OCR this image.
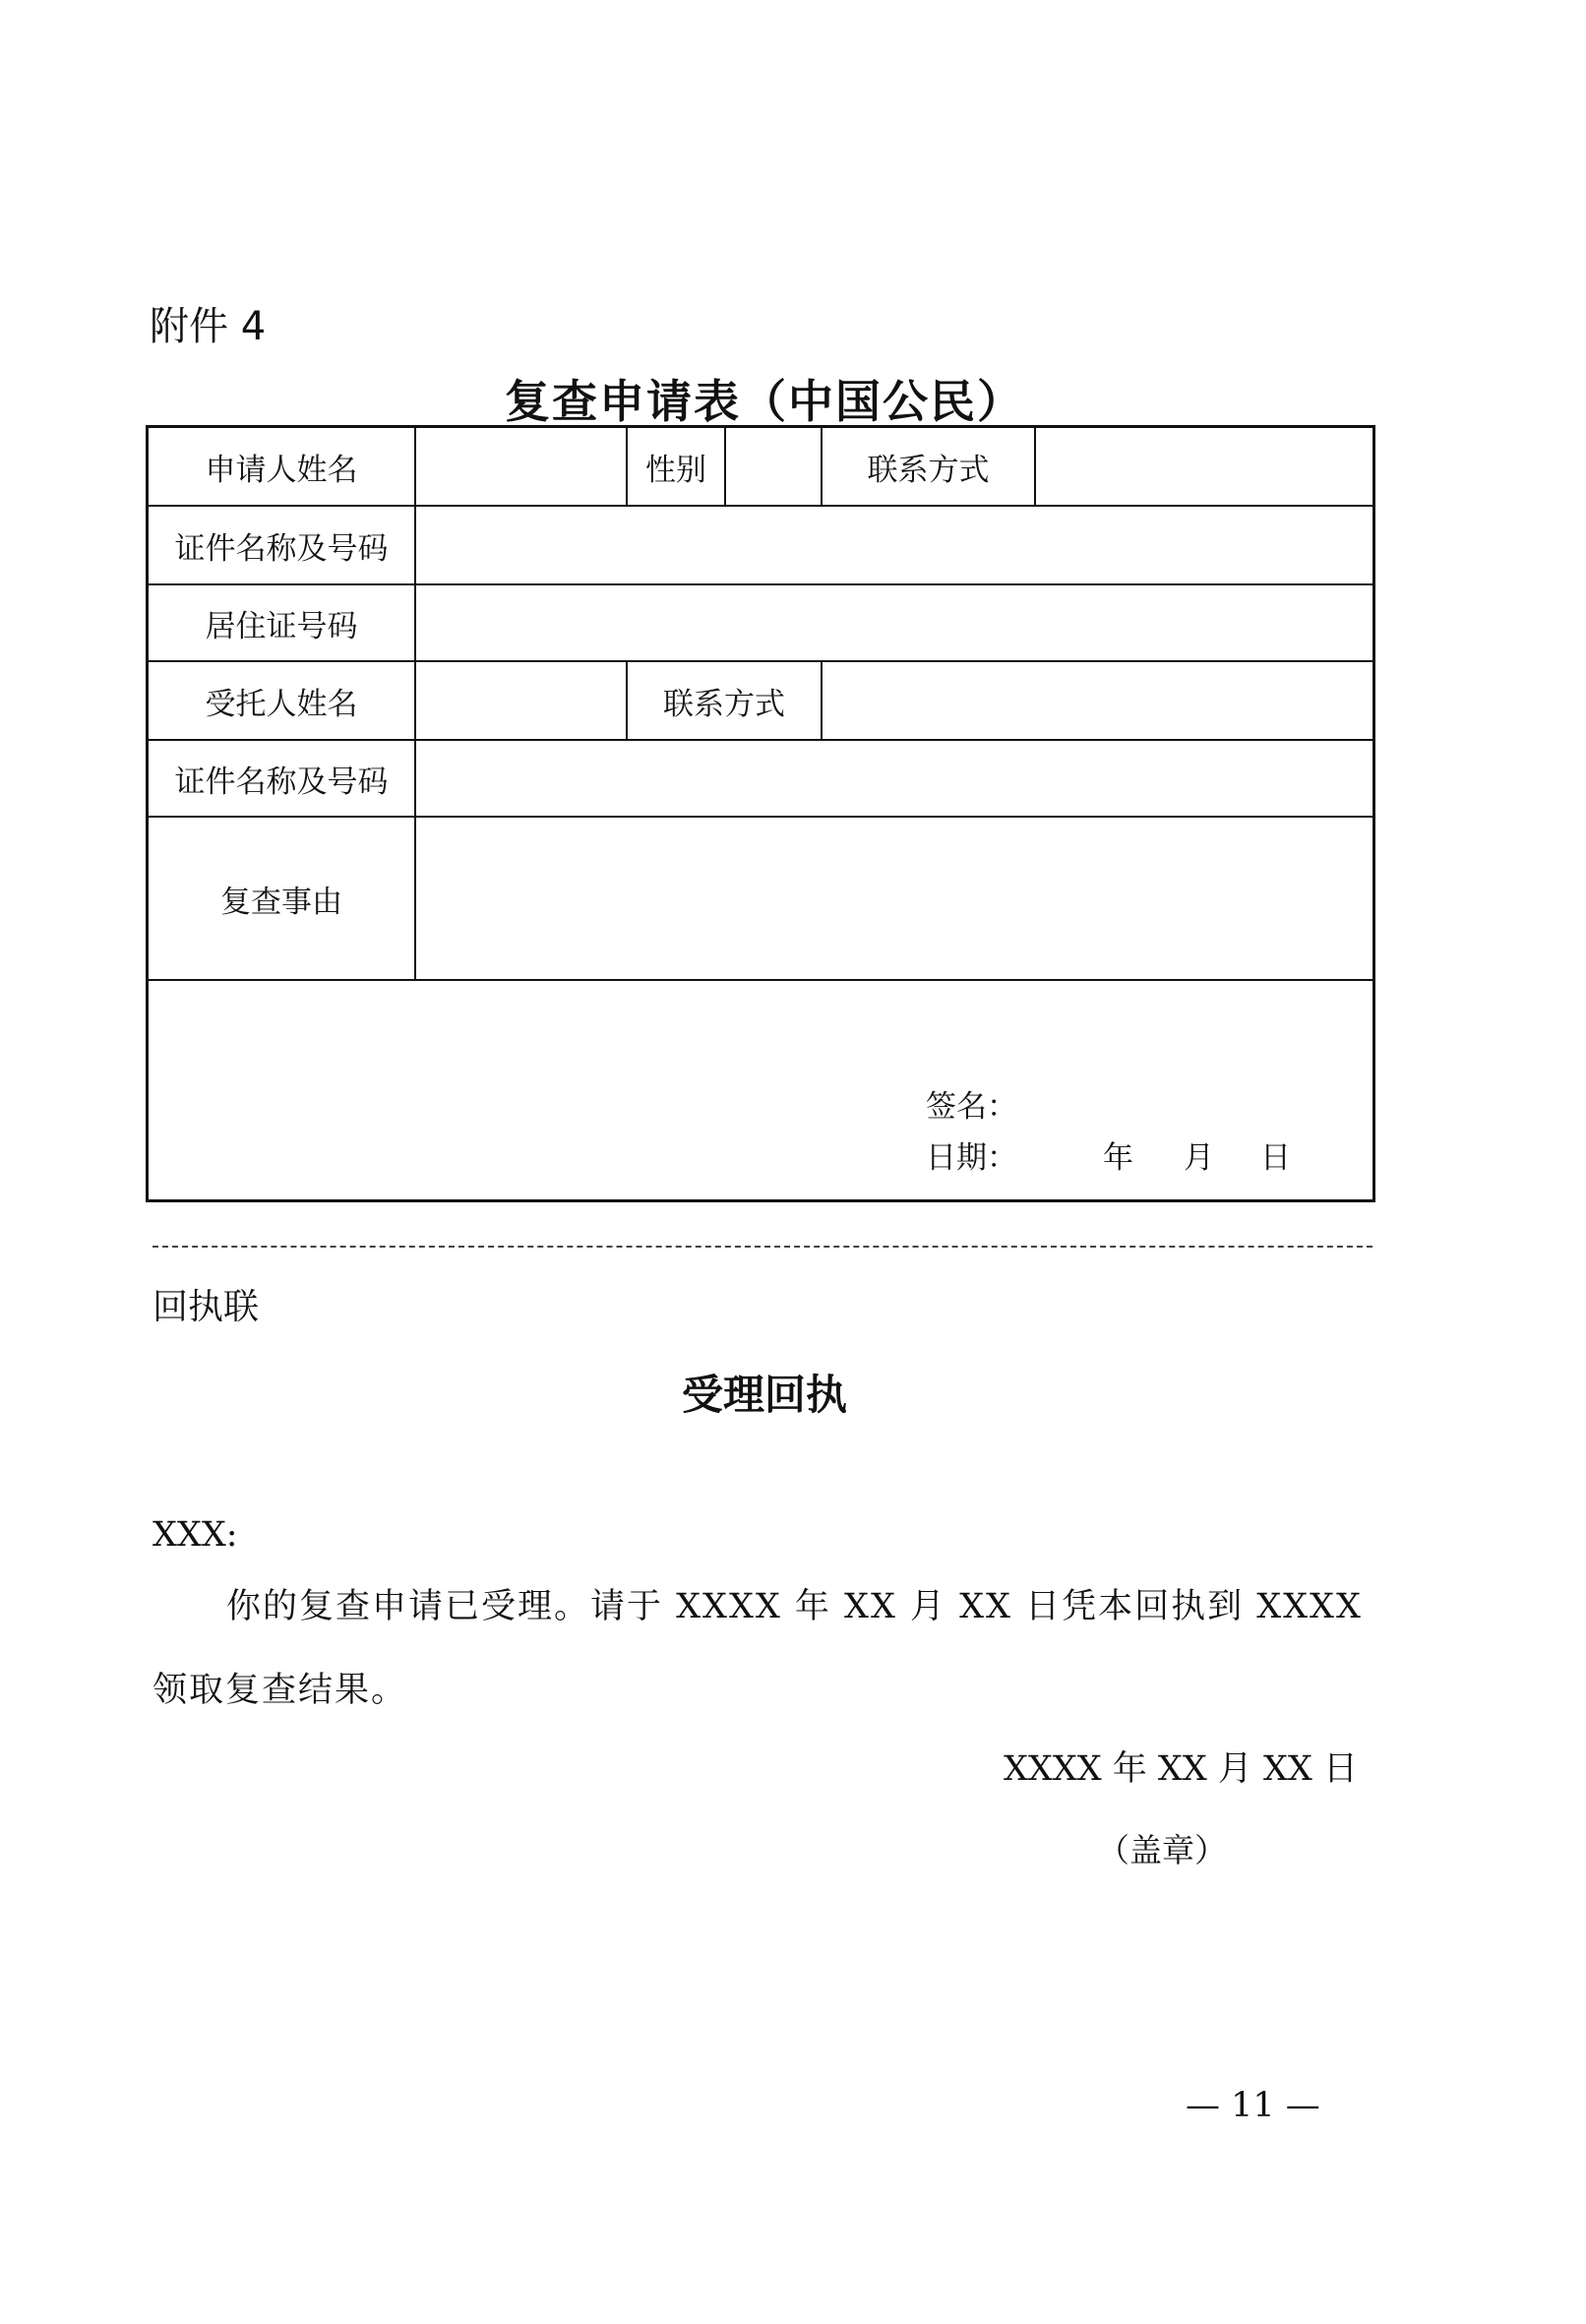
附件 4
复查申请表（中国公民）
申请人姓名	性别	联系方式
证件名称及号码
居住证号码
受托人姓名	联系方式
证件名称及号码
复查事由
签名：
日期：	年 月 日
回执联
受理回执
XXX:
你的复查申请已受理。请于 XXXX 年 XX 月 XX 日凭本回执到 XXXX
领取复查结果。
XXXX 年 XX 月 XX 日
（盖章）
— 11 —
